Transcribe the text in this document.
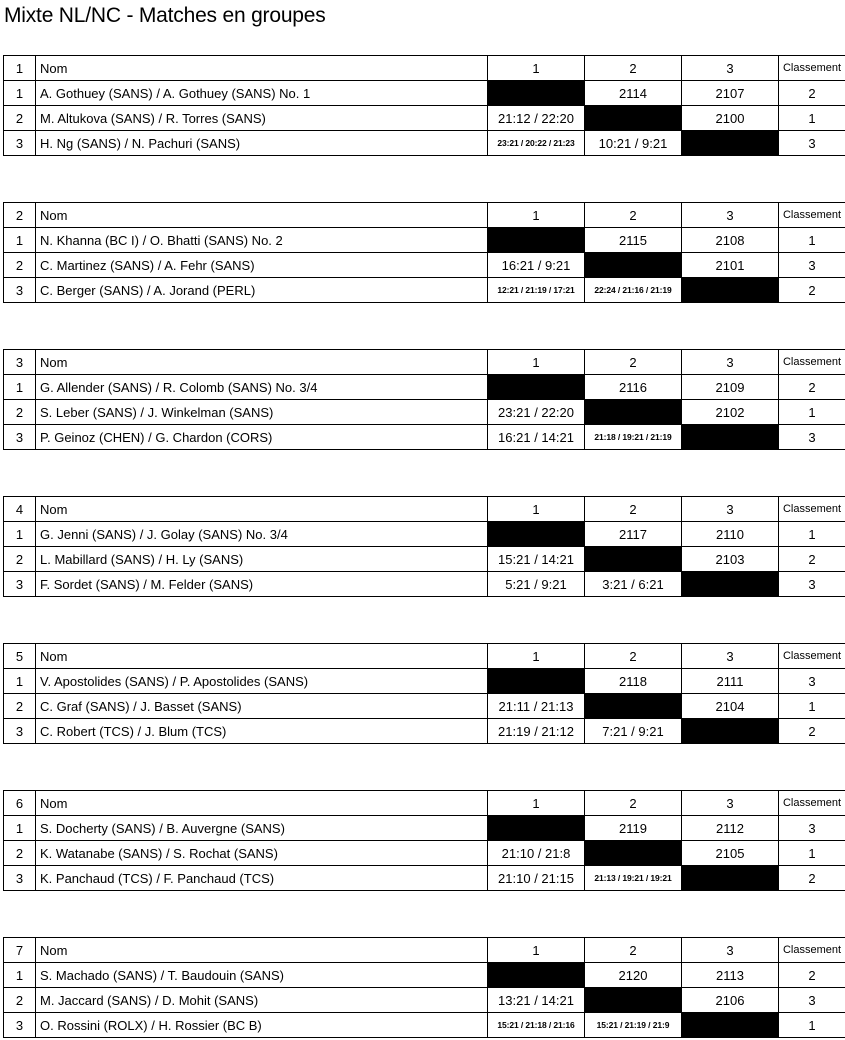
Mixte NL/NC - Matches en groupes
1	Nom	1	2	3	Classement
1	A. Gothuey (SANS) / A. Gothuey (SANS) No. 1		2114	2107	2
2	M. Altukova (SANS) / R. Torres (SANS)	21:12 / 22:20		2100	1
3	H. Ng (SANS) / N. Pachuri (SANS)	23:21 / 20:22 / 21:23	10:21 / 9:21		3
2	Nom	1	2	3	Classement
1	N. Khanna (BC I) / O. Bhatti (SANS) No. 2		2115	2108	1
2	C. Martinez (SANS) / A. Fehr (SANS)	16:21 / 9:21		2101	3
3	C. Berger (SANS) / A. Jorand (PERL)	12:21 / 21:19 / 17:21	22:24 / 21:16 / 21:19		2
3	Nom	1	2	3	Classement
1	G. Allender (SANS) / R. Colomb (SANS) No. 3/4		2116	2109	2
2	S. Leber (SANS) / J. Winkelman (SANS)	23:21 / 22:20		2102	1
3	P. Geinoz (CHEN) / G. Chardon (CORS)	16:21 / 14:21	21:18 / 19:21 / 21:19		3
4	Nom	1	2	3	Classement
1	G. Jenni (SANS) / J. Golay (SANS) No. 3/4		2117	2110	1
2	L. Mabillard (SANS) / H. Ly (SANS)	15:21 / 14:21		2103	2
3	F. Sordet (SANS) / M. Felder (SANS)	5:21 / 9:21	3:21 / 6:21		3
5	Nom	1	2	3	Classement
1	V. Apostolides (SANS) / P. Apostolides (SANS)		2118	2111	3
2	C. Graf (SANS) / J. Basset (SANS)	21:11 / 21:13		2104	1
3	C. Robert (TCS) / J. Blum (TCS)	21:19 / 21:12	7:21 / 9:21		2
6	Nom	1	2	3	Classement
1	S. Docherty (SANS) / B. Auvergne (SANS)		2119	2112	3
2	K. Watanabe (SANS) / S. Rochat (SANS)	21:10 / 21:8		2105	1
3	K. Panchaud (TCS) / F. Panchaud (TCS)	21:10 / 21:15	21:13 / 19:21 / 19:21		2
7	Nom	1	2	3	Classement
1	S. Machado (SANS) / T. Baudouin (SANS)		2120	2113	2
2	M. Jaccard (SANS) / D. Mohit (SANS)	13:21 / 14:21		2106	3
3	O. Rossini (ROLX) / H. Rossier (BC B)	15:21 / 21:18 / 21:16	15:21 / 21:19 / 21:9		1
